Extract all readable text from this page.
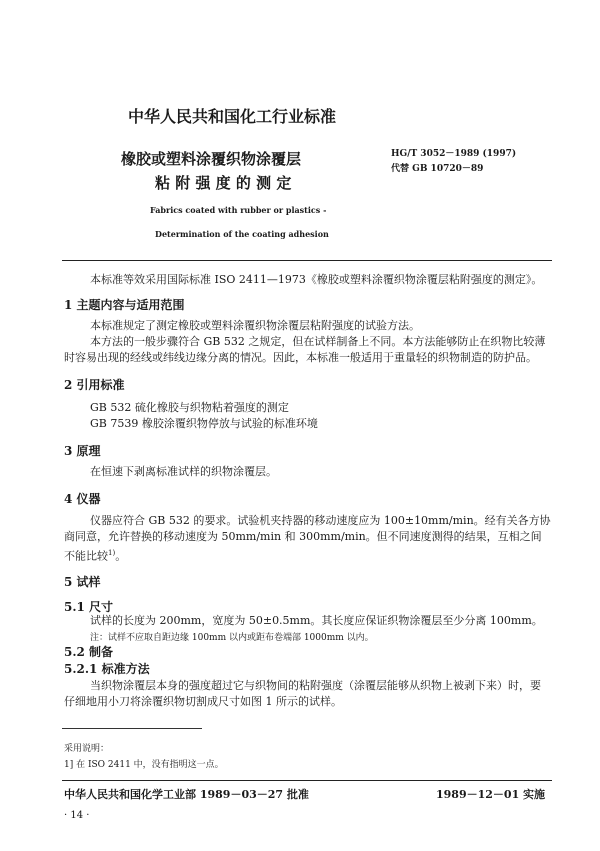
中华人民共和国化工行业标准
橡胶或塑料涂覆织物涂覆层
粘 附 强 度 的 测 定
HG/T 3052－1989 (1997)
代替 GB 10720－89
Fabrics coated with rubber or plastics -
Determination of the coating adhesion
本标准等效采用国际标准 ISO 2411—1973《橡胶或塑料涂覆织物涂覆层粘附强度的测定》。
1 主题内容与适用范围
本标准规定了测定橡胶或塑料涂覆织物涂覆层粘附强度的试验方法。
本方法的一般步骤符合 GB 532 之规定，但在试样制备上不同。本方法能够防止在织物比较薄时容易出现的经线或纬线边缘分离的情况。因此，本标准一般适用于重量轻的织物制造的防护品。
2 引用标准
GB 532 硫化橡胶与织物粘着强度的测定
GB 7539 橡胶涂覆织物停放与试验的标准环境
3 原理
在恒速下剥离标准试样的织物涂覆层。
4 仪器
仪器应符合 GB 532 的要求。试验机夹持器的移动速度应为 100±10mm/min。经有关各方协商同意，允许替换的移动速度为 50mm/min 和 300mm/min。但不同速度测得的结果，互相之间不能比较$^{1)}$。
5 试样
5.1 尺寸
试样的长度为 200mm，宽度为 50±0.5mm。其长度应保证织物涂覆层至少分离 100mm。
注：试样不应取自距边缘 100mm 以内或距布卷端部 1000mm 以内。
5.2 制备
5.2.1 标准方法
当织物涂覆层本身的强度超过它与织物间的粘附强度（涂覆层能够从织物上被剥下来）时，要仔细地用小刀将涂覆织物切割成尺寸如图 1 所示的试样。
采用说明：
1] 在 ISO 2411 中，没有指明这一点。
中华人民共和国化学工业部 1989－03－27 批准	1989－12－01 实施
· 14 ·
